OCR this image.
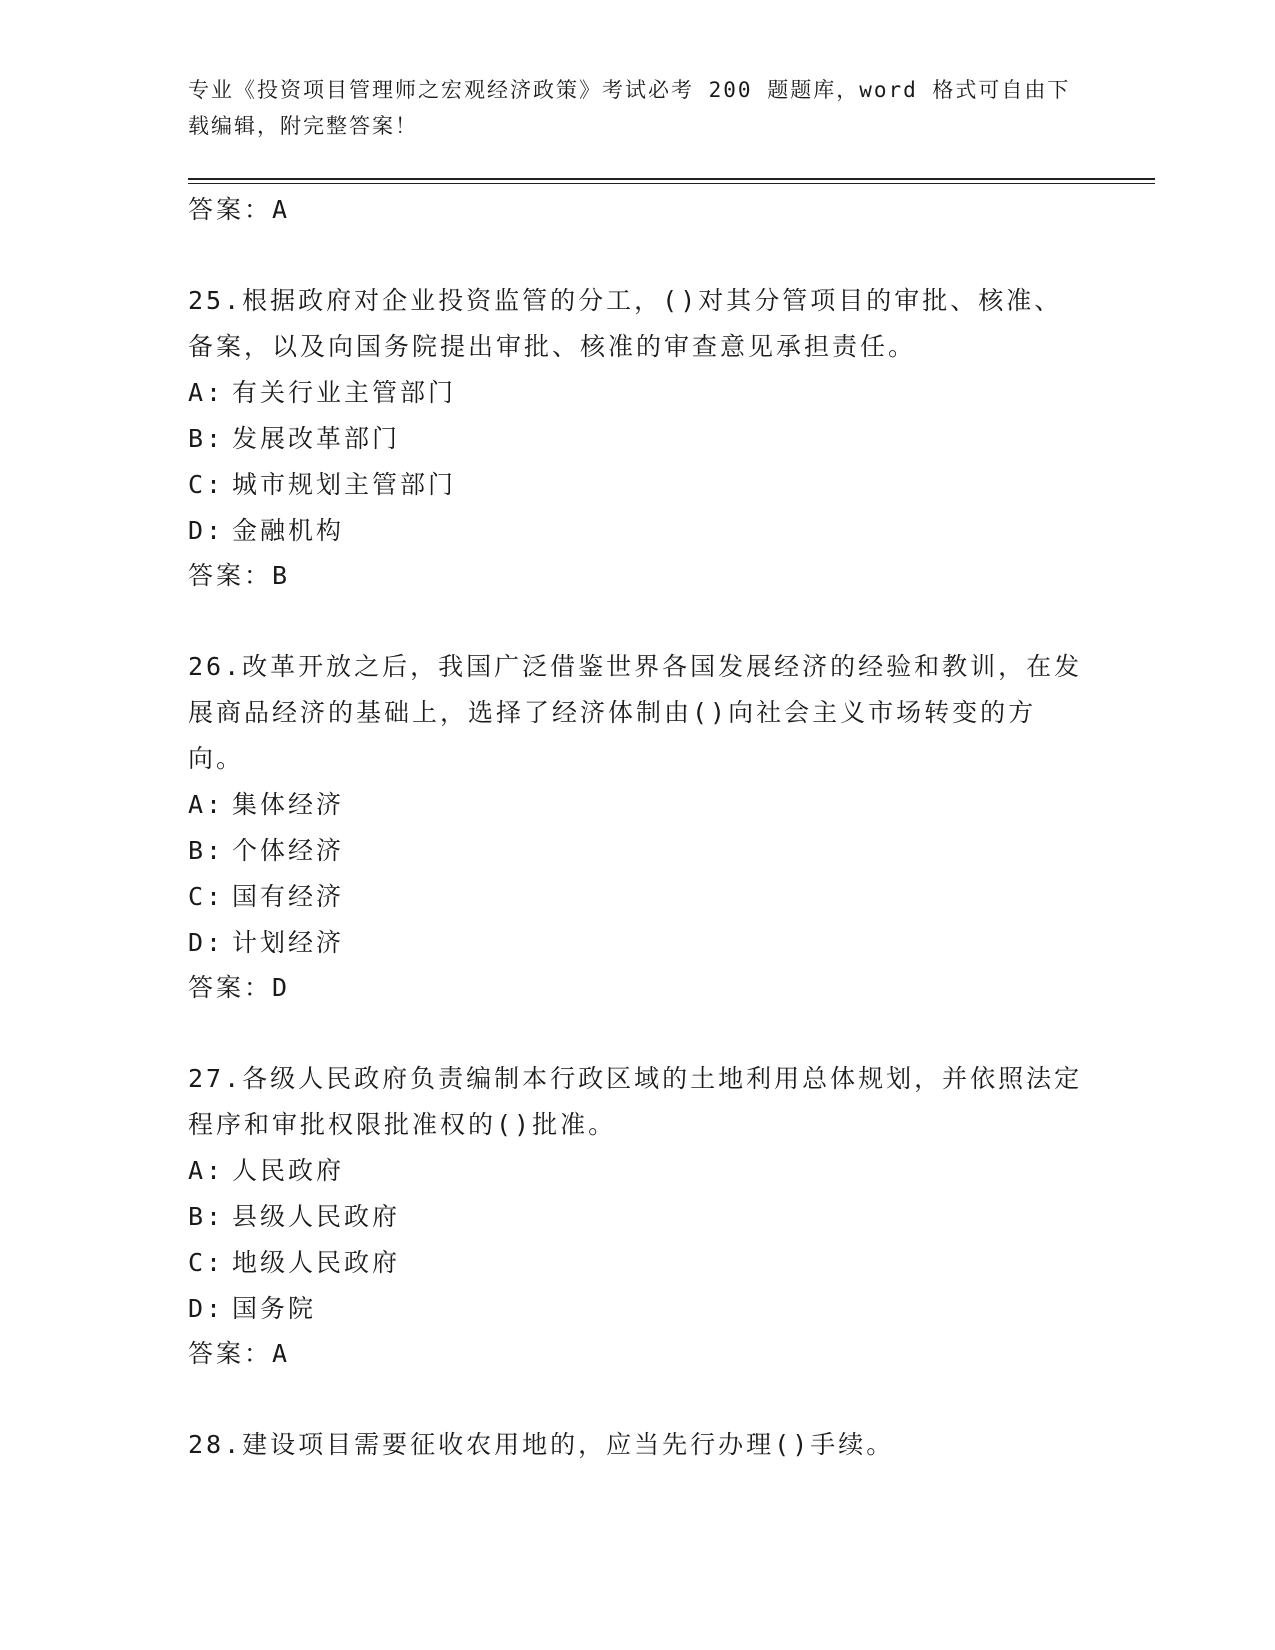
专业《投资项目管理师之宏观经济政策》考试必考 200 题题库，word 格式可自由下载编辑，附完整答案！

答案：A

25.根据政府对企业投资监管的分工，()对其分管项目的审批、核准、备案，以及向国务院提出审批、核准的审查意见承担责任。

A: 有关行业主管部门

B: 发展改革部门

C: 城市规划主管部门

D: 金融机构

答案：B

26.改革开放之后，我国广泛借鉴世界各国发展经济的经验和教训，在发展商品经济的基础上，选择了经济体制由()向社会主义市场转变的方向。

A: 集体经济

B: 个体经济

C: 国有经济

D: 计划经济

答案：D

27.各级人民政府负责编制本行政区域的土地利用总体规划，并依照法定程序和审批权限批准权的()批准。

A: 人民政府

B: 县级人民政府

C: 地级人民政府

D: 国务院

答案：A

28.建设项目需要征收农用地的，应当先行办理()手续。
